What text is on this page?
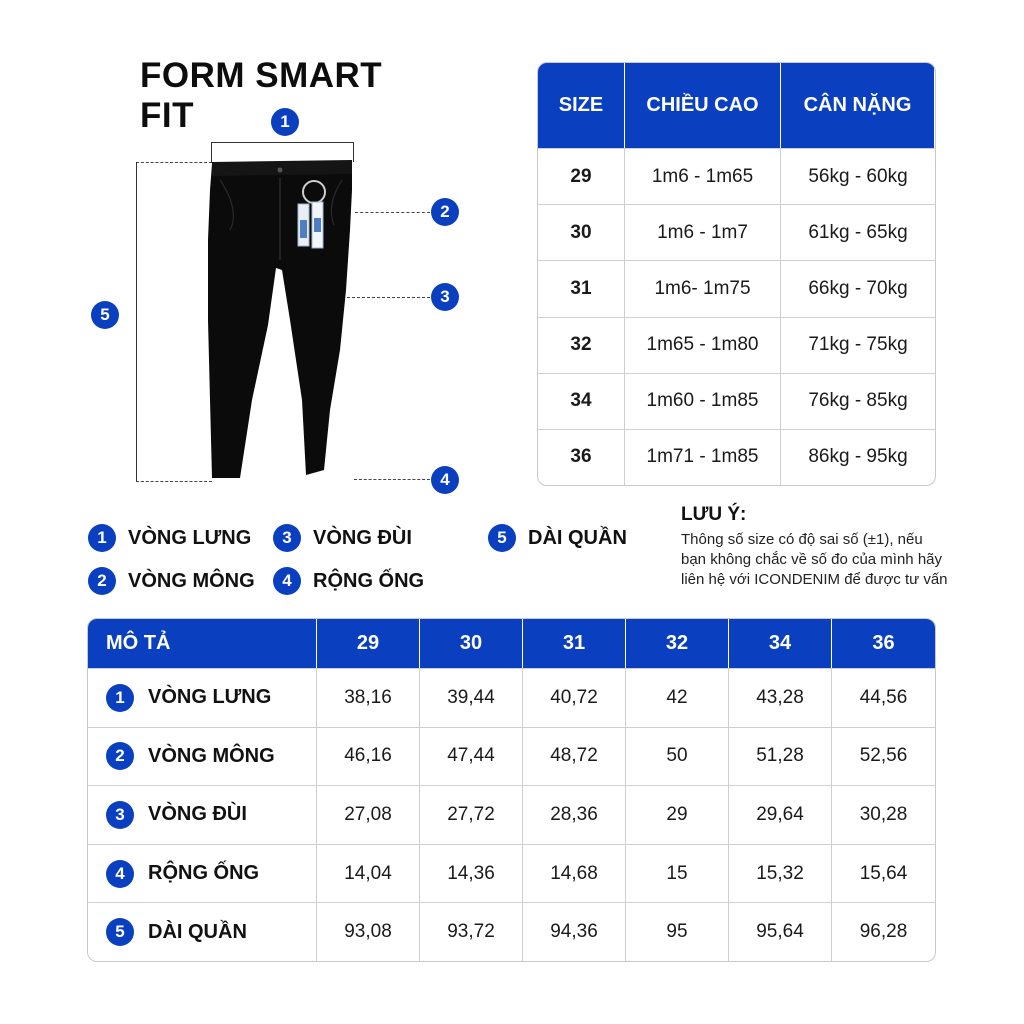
FORM SMART FIT	1
5
2
3
4
SIZE	CHIỀU CAO	CÂN NẶNG
29	1m6 - 1m65	56kg - 60kg
30	1m6 - 1m7	61kg - 65kg
31	1m6- 1m75	66kg - 70kg
32	1m65 - 1m80	71kg - 75kg
34	1m60 - 1m85	76kg - 85kg
36	1m71 - 1m85	86kg - 95kg
1	VÒNG LƯNG
2	VÒNG MÔNG
3	VÒNG ĐÙI
4	RỘNG ỐNG
5	DÀI QUẦN
LƯU Ý:
Thông số size có độ sai số (±1), nếu bạn không chắc về số đo của mình hãy liên hệ với ICONDENIM để được tư vấn
MÔ TẢ	29	30	31	32	34	36
1	VÒNG LƯNG	38,16	39,44	40,72	42	43,28	44,56
2	VÒNG MÔNG	46,16	47,44	48,72	50	51,28	52,56
3	VÒNG ĐÙI	27,08	27,72	28,36	29	29,64	30,28
4	RỘNG ỐNG	14,04	14,36	14,68	15	15,32	15,64
5	DÀI QUẦN	93,08	93,72	94,36	95	95,64	96,28
